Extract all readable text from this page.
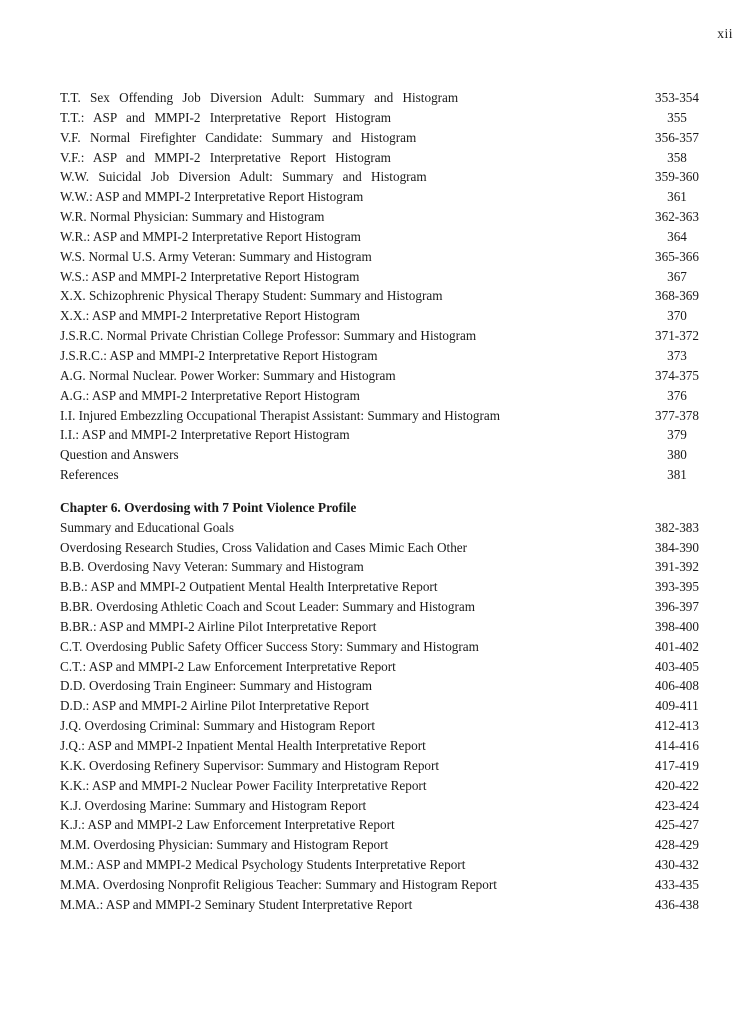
xii
T.T. Sex Offending Job Diversion Adult: Summary and Histogram	353-354
T.T.: ASP and MMPI-2 Interpretative Report Histogram	355
V.F. Normal Firefighter Candidate: Summary and Histogram	356-357
V.F.: ASP and MMPI-2 Interpretative Report Histogram	358
W.W. Suicidal Job Diversion Adult: Summary and Histogram	359-360
W.W.: ASP and MMPI-2 Interpretative Report Histogram	361
W.R. Normal Physician: Summary and Histogram	362-363
W.R.: ASP and MMPI-2 Interpretative Report Histogram	364
W.S. Normal U.S. Army Veteran: Summary and Histogram	365-366
W.S.: ASP and MMPI-2 Interpretative Report Histogram	367
X.X. Schizophrenic Physical Therapy Student: Summary and Histogram	368-369
X.X.: ASP and MMPI-2 Interpretative Report Histogram	370
J.S.R.C. Normal Private Christian College Professor: Summary and Histogram	371-372
J.S.R.C.: ASP and MMPI-2 Interpretative Report Histogram	373
A.G. Normal Nuclear. Power Worker: Summary and Histogram	374-375
A.G.: ASP and MMPI-2 Interpretative Report Histogram	376
I.I. Injured Embezzling Occupational Therapist Assistant: Summary and Histogram	377-378
I.I.: ASP and MMPI-2 Interpretative Report Histogram	379
Question and Answers	380
References	381
Chapter 6. Overdosing with 7 Point Violence Profile
Summary and Educational Goals	382-383
Overdosing Research Studies, Cross Validation and Cases Mimic Each Other	384-390
B.B. Overdosing Navy Veteran: Summary and Histogram	391-392
B.B.: ASP and MMPI-2 Outpatient Mental Health Interpretative Report	393-395
B.BR. Overdosing Athletic Coach and Scout Leader: Summary and Histogram	396-397
B.BR.: ASP and MMPI-2 Airline Pilot Interpretative Report	398-400
C.T. Overdosing Public Safety Officer Success Story: Summary and Histogram	401-402
C.T.: ASP and MMPI-2 Law Enforcement Interpretative Report	403-405
D.D. Overdosing Train Engineer: Summary and Histogram	406-408
D.D.: ASP and MMPI-2 Airline Pilot Interpretative Report	409-411
J.Q. Overdosing Criminal: Summary and Histogram Report	412-413
J.Q.: ASP and MMPI-2 Inpatient Mental Health Interpretative Report	414-416
K.K. Overdosing Refinery Supervisor: Summary and Histogram Report	417-419
K.K.: ASP and MMPI-2 Nuclear Power Facility Interpretative Report	420-422
K.J. Overdosing Marine: Summary and Histogram Report	423-424
K.J.: ASP and MMPI-2 Law Enforcement Interpretative Report	425-427
M.M. Overdosing Physician: Summary and Histogram Report	428-429
M.M.: ASP and MMPI-2 Medical Psychology Students Interpretative Report	430-432
M.MA. Overdosing Nonprofit Religious Teacher: Summary and Histogram Report	433-435
M.MA.: ASP and MMPI-2 Seminary Student Interpretative Report	436-438
